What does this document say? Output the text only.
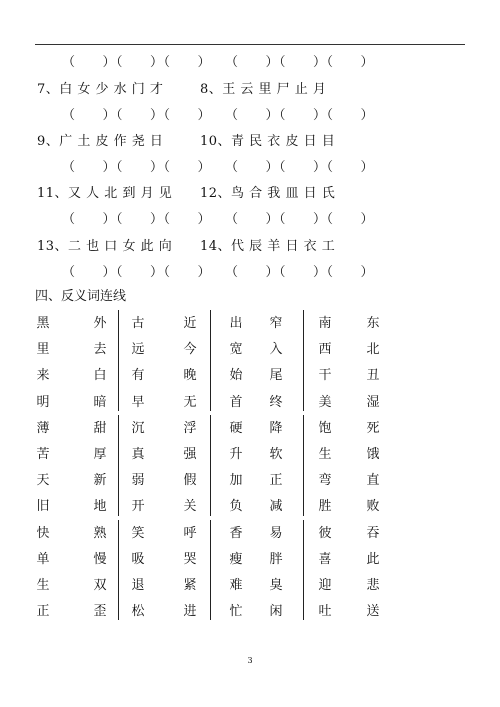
（　　）（　　）（　　） （　　）（　　）（　　）
（　　）（　　）（　　） （　　）（　　）（　　）
（　　）（　　）（　　） （　　）（　　）（　　）
（　　）（　　）（　　） （　　）（　　）（　　）
（　　）（　　）（　　） （　　）（　　）（　　）
7、白 女 少 水 门 才	8、王 云 里 尸 止 月
9、广 土 皮 作 尧 日	10、青 民 衣 皮 日 目
11、又 人 北 到 月 见 12、鸟 合 我 皿 日 氏
13、二 也 口 女 此 向 14、代 辰 羊 日 衣 工
四、反义词连线
黑	外 古	近	出 窄	南	东
里	去 远	今	宽 入	西	北
来	白 有	晚	始 尾	干	丑
明	暗 早	无	首 终	美	湿
薄	甜 沉	浮	硬 降	饱	死
苦	厚 真	强	升 软	生	饿
天	新 弱	假	加 正	弯	直
旧	地 开	关	负 减	胜	败
快	熟 笑	呼	香 易	彼	吞
单	慢 吸	哭	瘦 胖	喜	此
生	双 退	紧	难 臭	迎	悲
正	歪 松	进	忙 闲	吐	送
3
